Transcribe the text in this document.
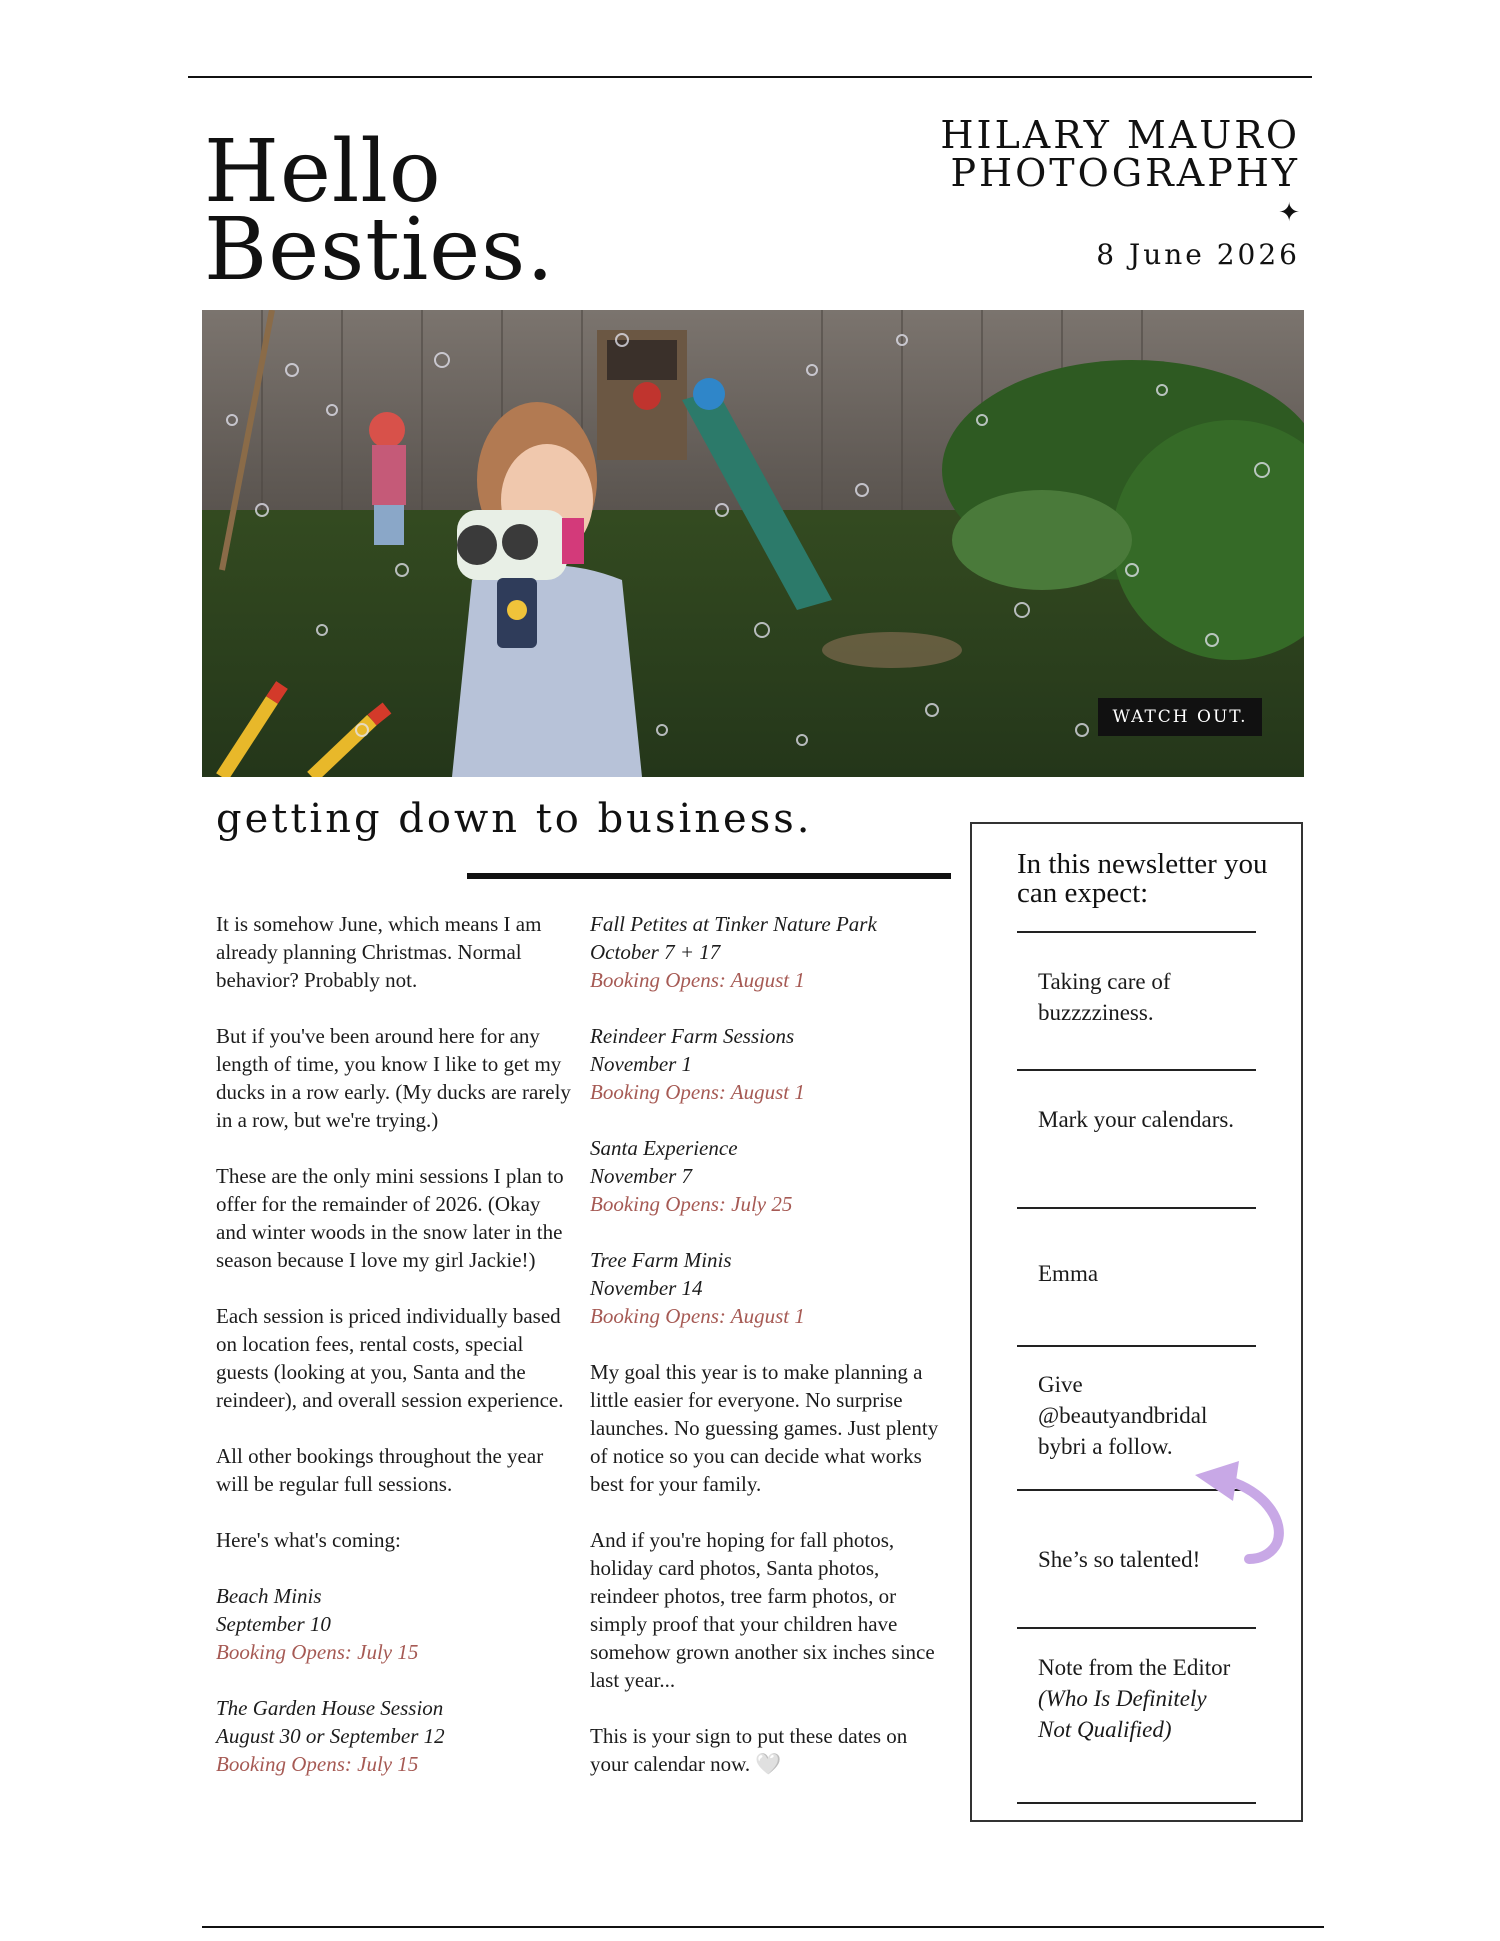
Hello
Besties.
HILARY MAURO
PHOTOGRAPHY
✦
8 June 2026
WATCH OUT.
getting down to business.

It is somehow June, which means I am already planning Christmas. Normal behavior? Probably not.

But if you've been around here for any length of time, you know I like to get my ducks in a row early. (My ducks are rarely in a row, but we're trying.)

These are the only mini sessions I plan to offer for the remainder of 2026. (Okay and winter woods in the snow later in the season because I love my girl Jackie!)

Each session is priced individually based on location fees, rental costs, special guests (looking at you, Santa and the reindeer), and overall session experience.

All other bookings throughout the year will be regular full sessions.

Here's what's coming:

Beach Minis
September 10
Booking Opens: July 15
The Garden House Session
August 30 or September 12
Booking Opens: July 15
Fall Petites at Tinker Nature Park
October 7 + 17
Booking Opens: August 1
Reindeer Farm Sessions
November 1
Booking Opens: August 1
Santa Experience
November 7
Booking Opens: July 25
Tree Farm Minis
November 14
Booking Opens: August 1

My goal this year is to make planning a little easier for everyone. No surprise launches. No guessing games. Just plenty of notice so you can decide what works best for your family.

And if you're hoping for fall photos, holiday card photos, Santa photos, reindeer photos, tree farm photos, or simply proof that your children have somehow grown another six inches since last year...

This is your sign to put these dates on your calendar now. 🤍

In this newsletter you can expect:
Taking care of buzzzziness.
Mark your calendars.
Emma
Give @beautyandbridal bybri a follow.
She’s so talented!
Note from the Editor (Who Is Definitely Not Qualified)
